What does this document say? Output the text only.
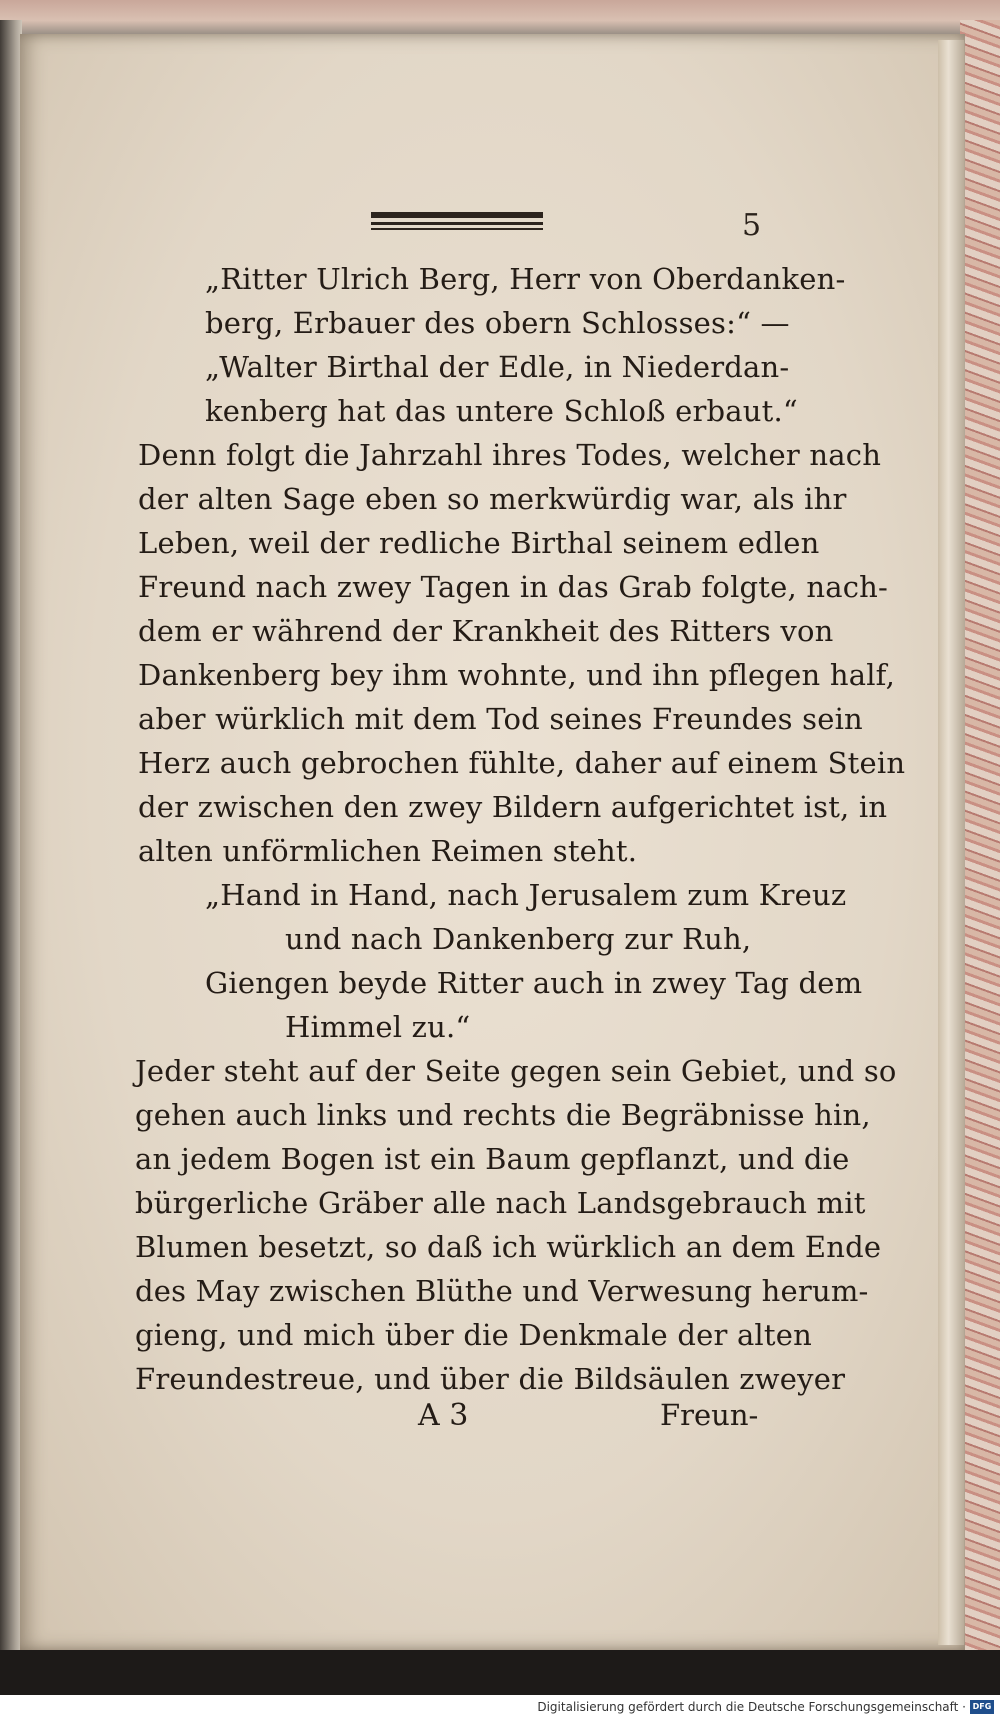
5
„Ritter Ulrich Berg, Herr von Oberdanken-
berg, Erbauer des obern Schlosses:“ —
„Walter Birthal der Edle, in Niederdan-
kenberg hat das untere Schloß erbaut.“
Denn folgt die Jahrzahl ihres Todes, welcher nach
der alten Sage eben so merkwürdig war, als ihr
Leben, weil der redliche Birthal seinem edlen
Freund nach zwey Tagen in das Grab folgte, nach-
dem er während der Krankheit des Ritters von
Dankenberg bey ihm wohnte, und ihn pflegen half,
aber würklich mit dem Tod seines Freundes sein
Herz auch gebrochen fühlte, daher auf einem Stein
der zwischen den zwey Bildern aufgerichtet ist, in
alten unförmlichen Reimen steht.
„Hand in Hand, nach Jerusalem zum Kreuz
und nach Dankenberg zur Ruh,
Giengen beyde Ritter auch in zwey Tag dem
Himmel zu.“
Jeder steht auf der Seite gegen sein Gebiet, und so
gehen auch links und rechts die Begräbnisse hin,
an jedem Bogen ist ein Baum gepflanzt, und die
bürgerliche Gräber alle nach Landsgebrauch mit
Blumen besetzt, so daß ich würklich an dem Ende
des May zwischen Blüthe und Verwesung herum-
gieng, und mich über die Denkmale der alten
Freundestreue, und über die Bildsäulen zweyer
A 3	Freun-
Digitalisierung gefördert durch die Deutsche Forschungsgemeinschaft · DFG
